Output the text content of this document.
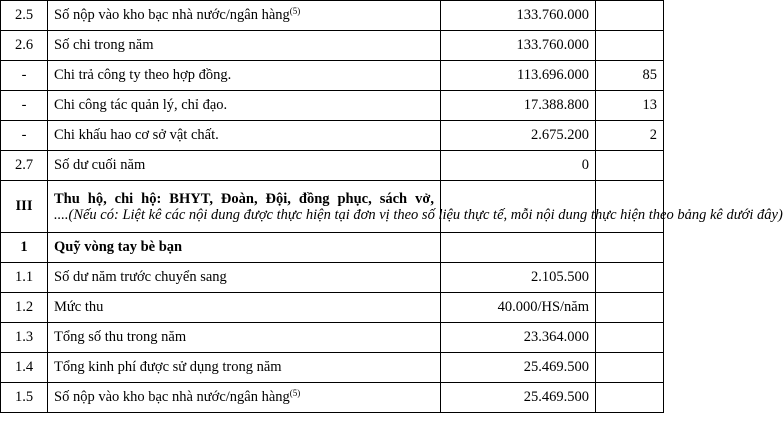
2.5	Số nộp vào kho bạc nhà nước/ngân hàng$^{(5)}$	133.760.000	
2.6	Số chi trong năm	133.760.000	
-	Chi trả công ty theo hợp đồng.	113.696.000	85
-	Chi công tác quản lý, chỉ đạo.	17.388.800	13
-	Chi khấu hao cơ sở vật chất.	2.675.200	2
2.7	Số dư cuối năm	0	
III	Thu hộ, chi hộ: BHYT, Đoàn, Đội, đồng phục, sách vở,
....(Nếu có: Liệt kê các nội dung được thực hiện tại đơn vị theo số liệu thực tế, mỗi nội dung thực hiện theo bảng kê dưới đây)		

1	Quỹ vòng tay bè bạn		
1.1	Số dư năm trước chuyển sang	2.105.500	
1.2	Mức thu	40.000/HS/năm	
1.3	Tổng số thu trong năm	23.364.000	
1.4	Tổng kinh phí được sử dụng trong năm	25.469.500	
1.5	Số nộp vào kho bạc nhà nước/ngân hàng$^{(5)}$	25.469.500	
